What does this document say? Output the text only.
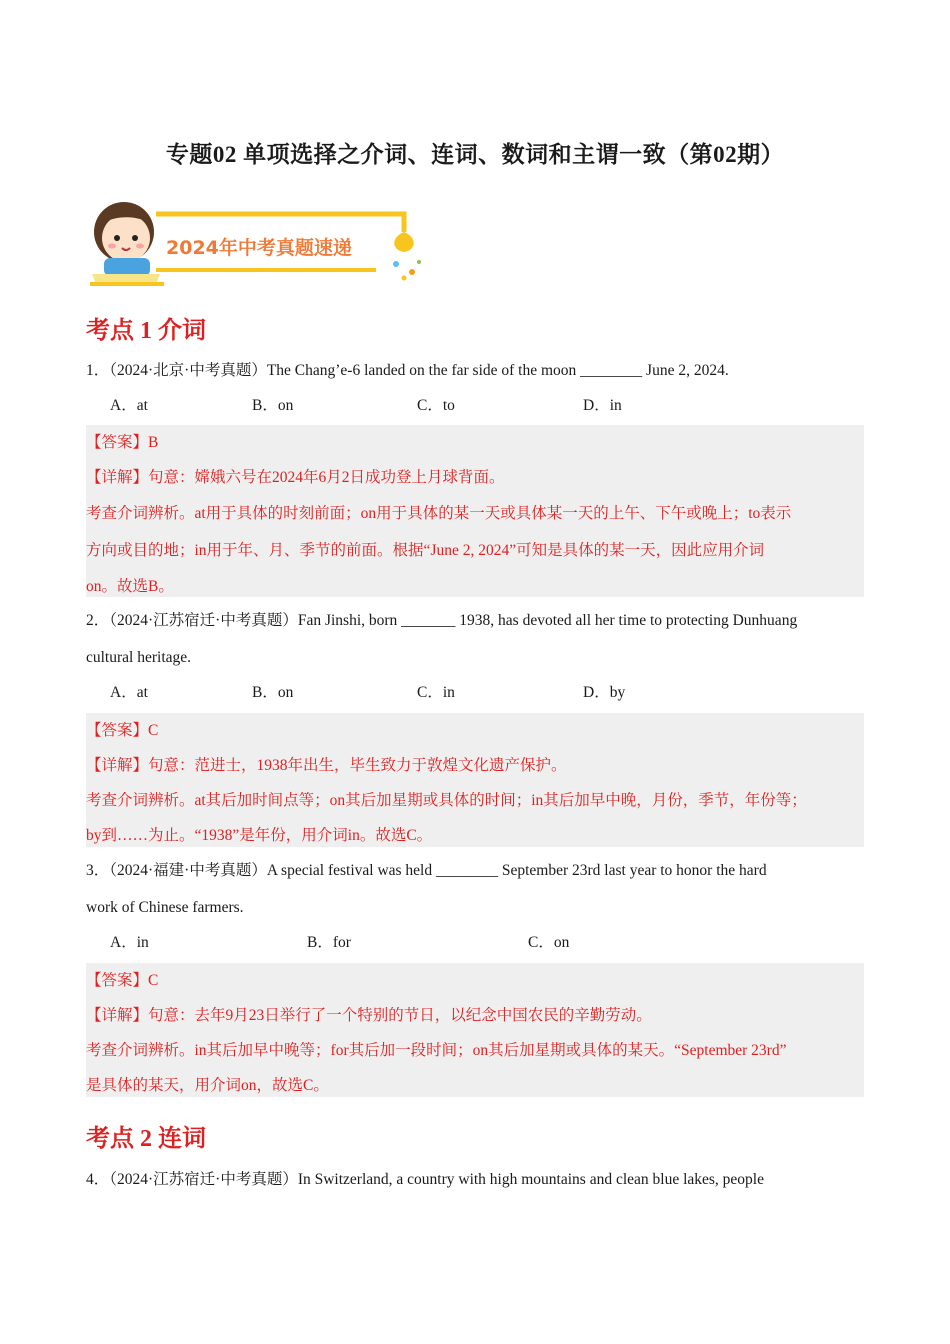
专题02 单项选择之介词、连词、数词和主谓一致（第02期）
2024年中考真题速递
考点 1 介词
1．（2024·北京·中考真题）The Chang’e-6 landed on the far side of the moon ________ June 2, 2024.
A．at	B．on	C．to	D．in
【答案】B
【详解】句意：嫦娥六号在2024年6月2日成功登上月球背面。
考查介词辨析。at用于具体的时刻前面；on用于具体的某一天或具体某一天的上午、下午或晚上；to表示
方向或目的地；in用于年、月、季节的前面。根据“June 2, 2024”可知是具体的某一天，因此应用介词
on。故选B。
2．（2024·江苏宿迁·中考真题）Fan Jinshi, born _______ 1938, has devoted all her time to protecting Dunhuang
cultural heritage.
A．at	B．on	C．in	D．by
【答案】C
【详解】句意：范进士，1938年出生，毕生致力于敦煌文化遗产保护。
考查介词辨析。at其后加时间点等；on其后加星期或具体的时间；in其后加早中晚，月份，季节，年份等；
by到……为止。“1938”是年份，用介词in。故选C。
3．（2024·福建·中考真题）A special festival was held ________ September 23rd last year to honor the hard
work of Chinese farmers.
A．in	B．for	C．on
【答案】C
【详解】句意：去年9月23日举行了一个特别的节日，以纪念中国农民的辛勤劳动。
考查介词辨析。in其后加早中晚等；for其后加一段时间；on其后加星期或具体的某天。“September 23rd”
是具体的某天，用介词on，故选C。
考点 2 连词
4．（2024·江苏宿迁·中考真题）In Switzerland, a country with high mountains and clean blue lakes, people
